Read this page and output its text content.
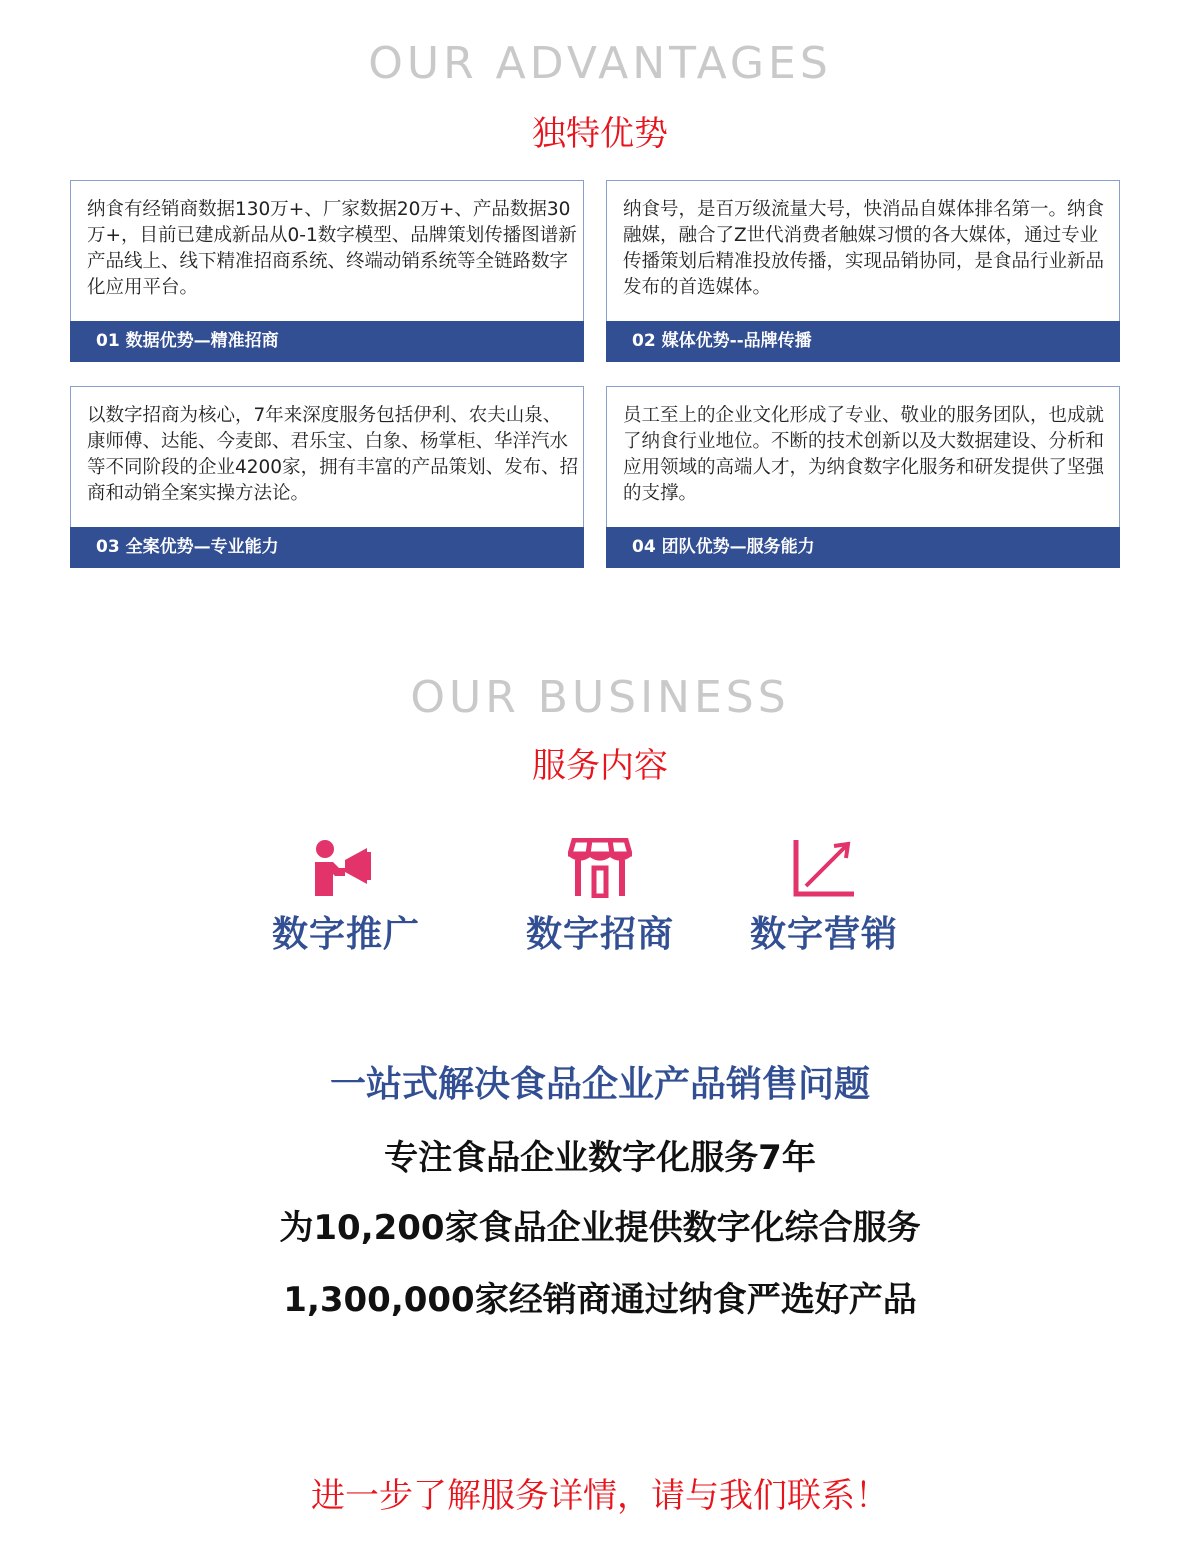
OUR ADVANTAGES
独特优势
纳食有经销商数据130万+、厂家数据20万+、产品数据30万+，目前已建成新品从0-1数字模型、品牌策划传播图谱新产品线上、线下精准招商系统、终端动销系统等全链路数字化应用平台。
01 数据优势—精准招商
纳食号，是百万级流量大号，快消品自媒体排名第一。纳食融媒，融合了Z世代消费者触媒习惯的各大媒体，通过专业传播策划后精准投放传播，实现品销协同，是食品行业新品发布的首选媒体。
02 媒体优势--品牌传播
以数字招商为核心，7年来深度服务包括伊利、农夫山泉、康师傅、达能、今麦郎、君乐宝、白象、杨掌柜、华洋汽水等不同阶段的企业4200家，拥有丰富的产品策划、发布、招商和动销全案实操方法论。
03 全案优势—专业能力
员工至上的企业文化形成了专业、敬业的服务团队，也成就了纳食行业地位。不断的技术创新以及大数据建设、分析和应用领域的高端人才，为纳食数字化服务和研发提供了坚强的支撑。
04 团队优势—服务能力
OUR BUSINESS
服务内容
数字推广	数字招商	数字营销
一站式解决食品企业产品销售问题
专注食品企业数字化服务7年
为10,200家食品企业提供数字化综合服务
1,300,000家经销商通过纳食严选好产品
进一步了解服务详情，请与我们联系！
